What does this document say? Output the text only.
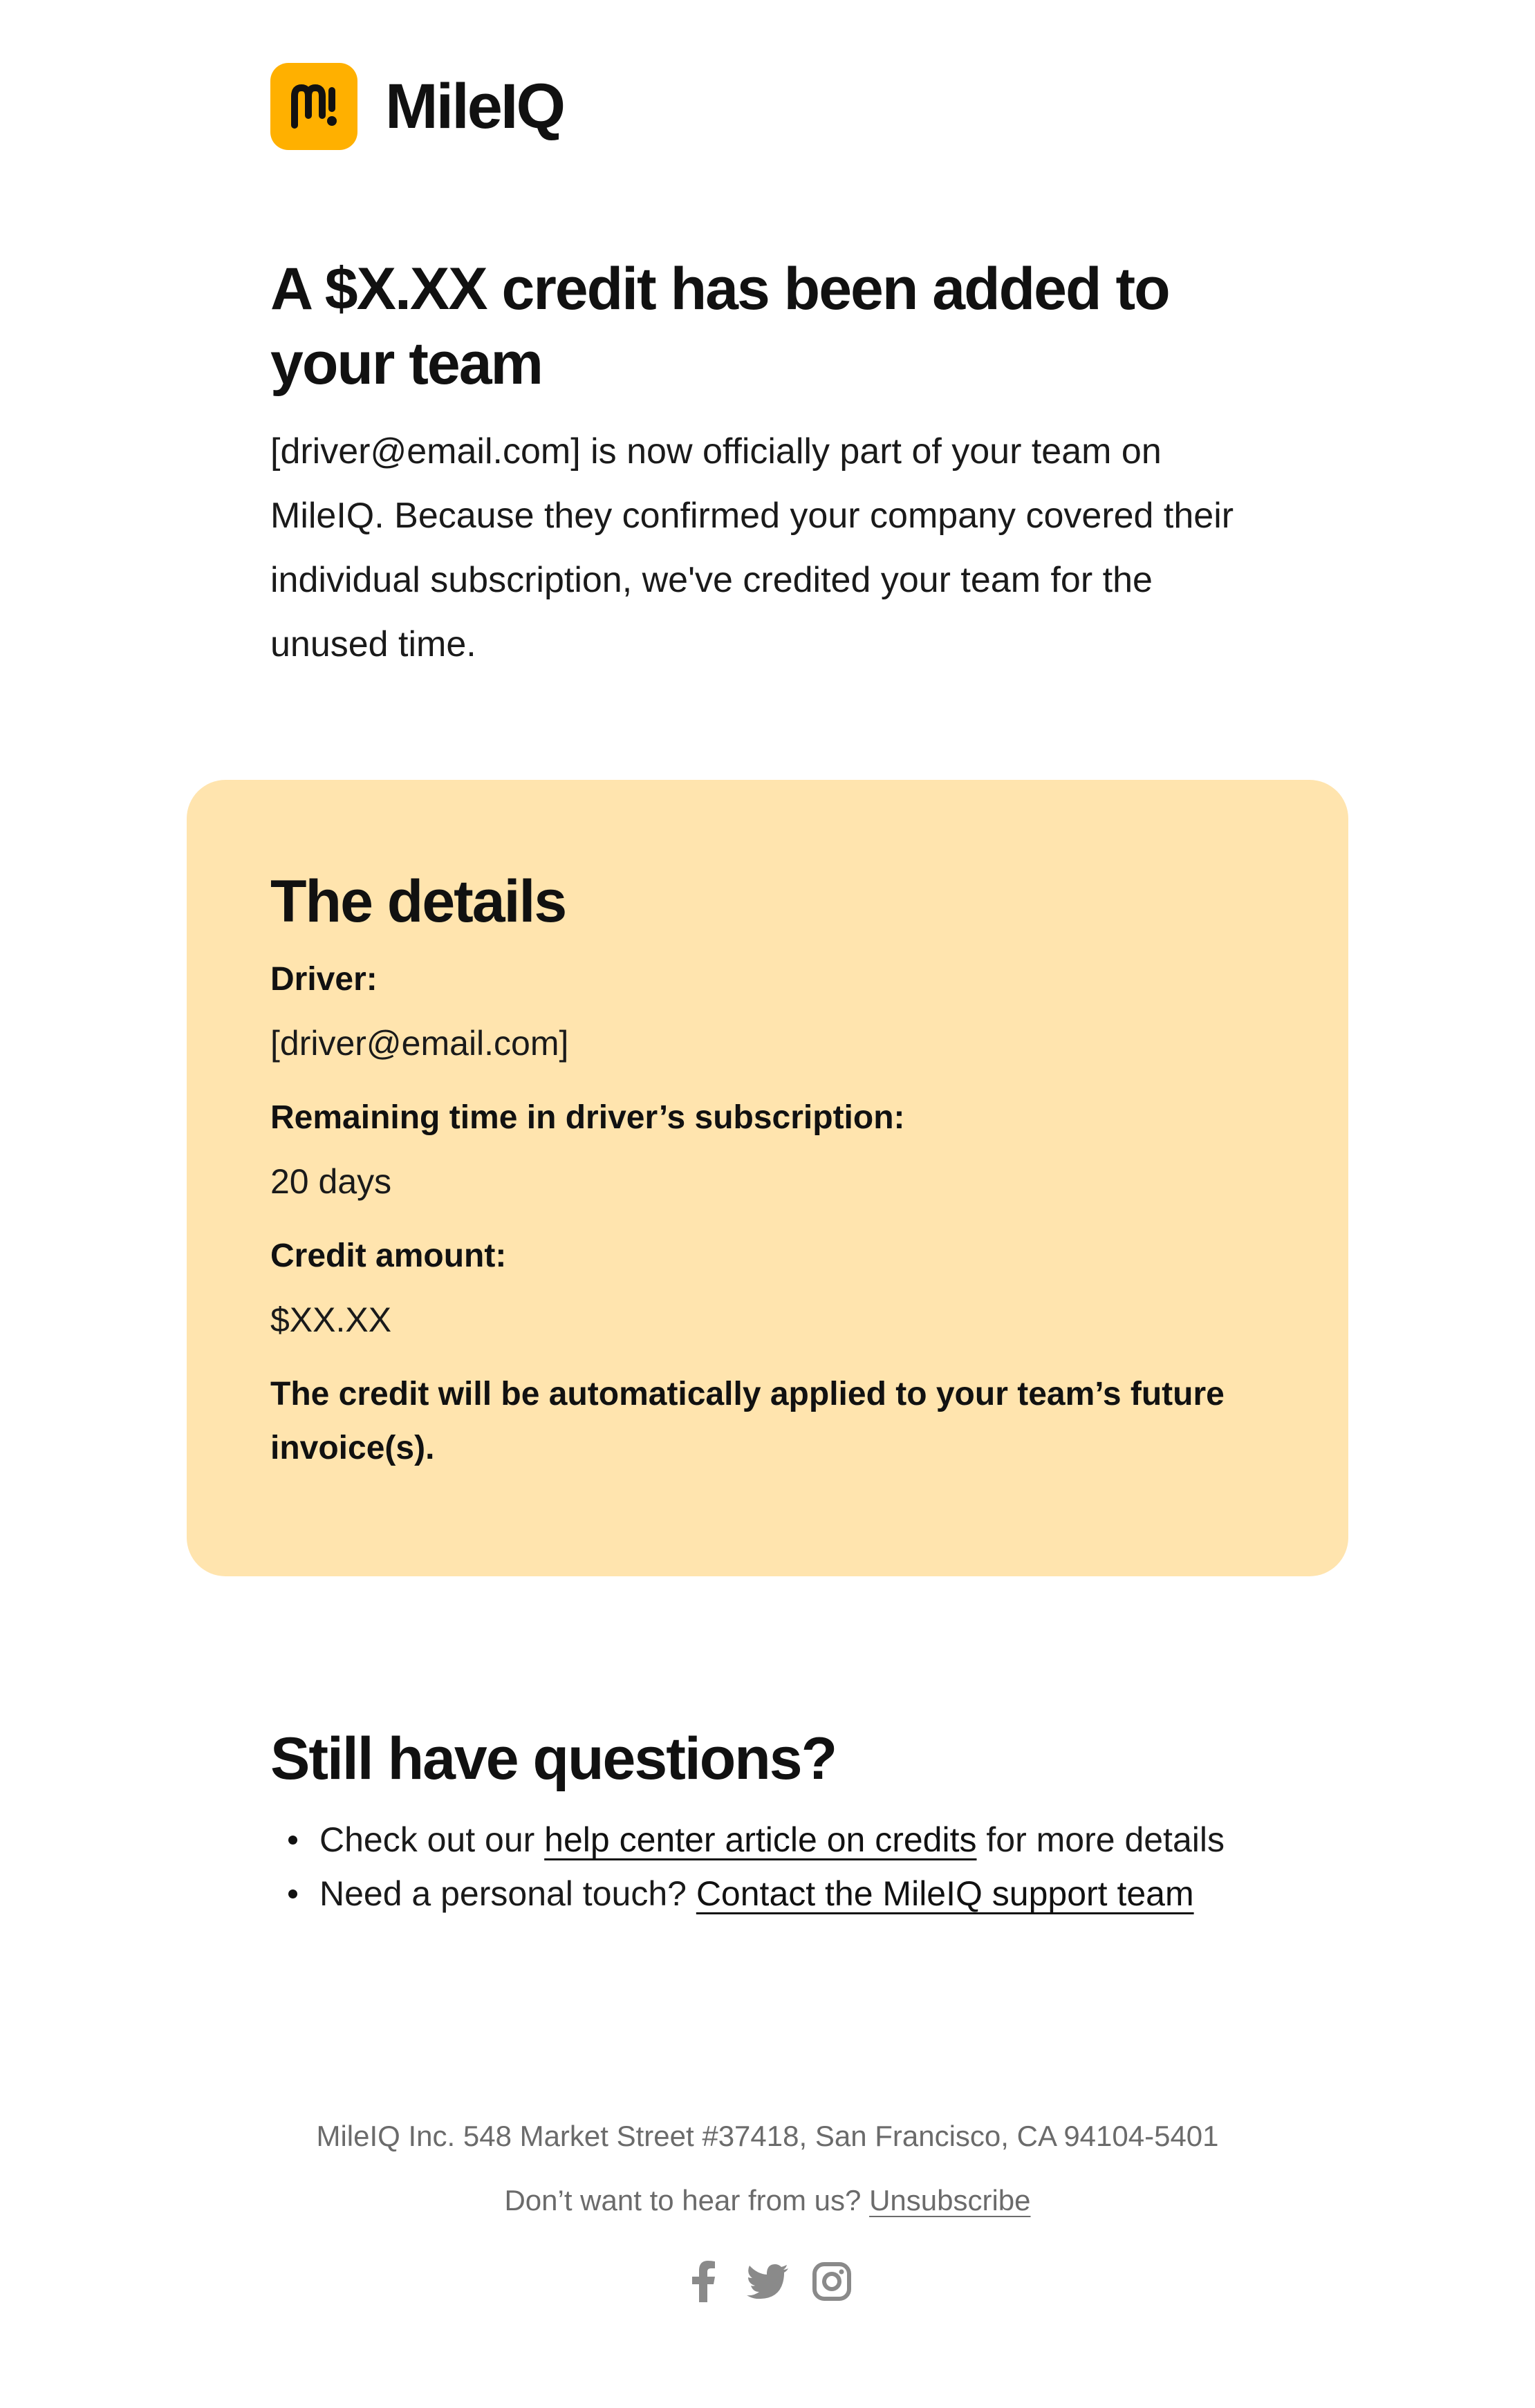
MileIQ
A $X.XX credit has been added to your team

[driver@email.com] is now officially part of your team on MileIQ. Because they confirmed your company covered their individual subscription, we've credited your team for the unused time.

The details

Driver:

[driver@email.com]

Remaining time in driver’s subscription:

20 days

Credit amount:

$XX.XX

The credit will be automatically applied to your team’s future invoice(s).

Still have questions?
Check out our help center article on credits for more details
Need a personal touch? Contact the MileIQ support team

MileIQ Inc. 548 Market Street #37418, San Francisco, CA 94104-5401

Don’t want to hear from us? Unsubscribe
